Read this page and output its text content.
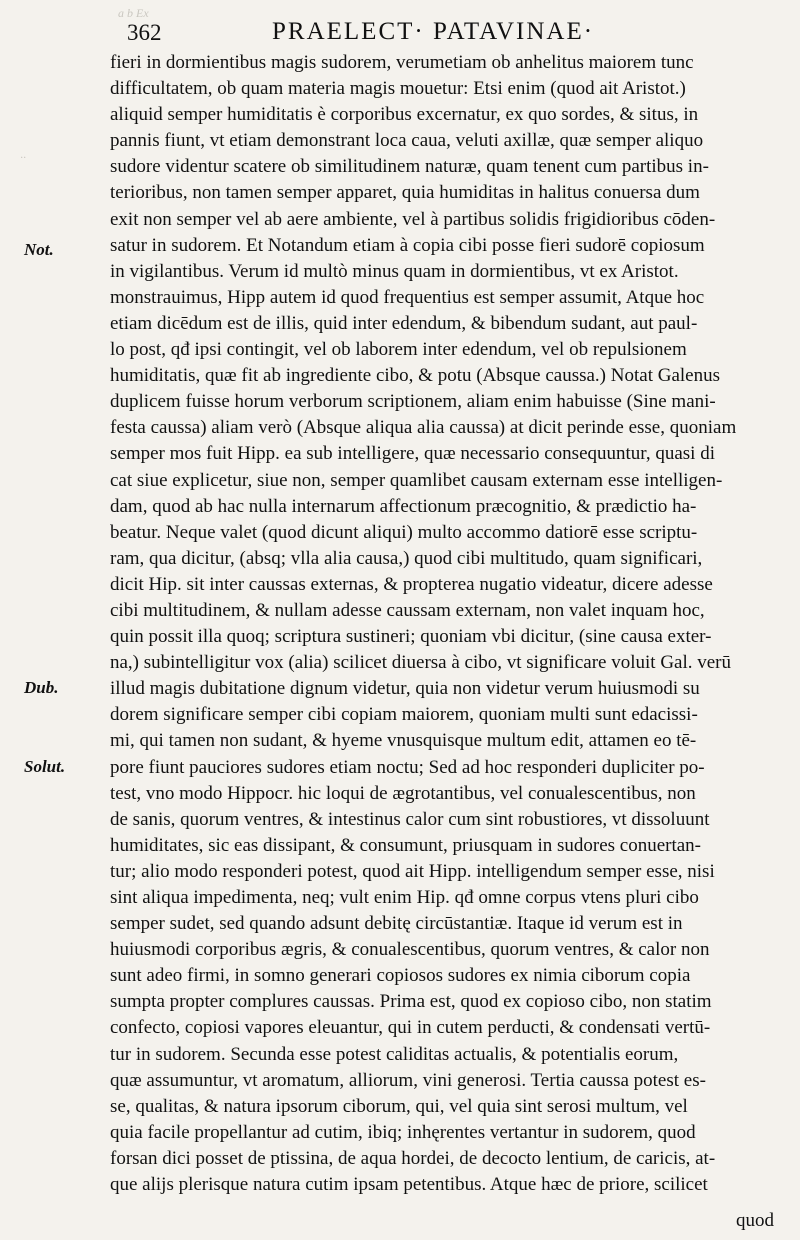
a b Ex
··
362	PRAELECT· PATAVINAE·
Not.
Dub.
Solut.
fieri in dormientibus magis sudorem, verumetiam ob anhelitus maiorem tunc
difficultatem, ob quam materia magis mouetur: Etsi enim (quod ait Aristot.)
aliquid semper humiditatis è corporibus excernatur, ex quo sordes, & situs, in
pannis fiunt, vt etiam demonstrant loca caua, veluti axillæ, quæ semper aliquo
sudore videntur scatere ob similitudinem naturæ, quam tenent cum partibus in-
terioribus, non tamen semper apparet, quia humiditas in halitus conuersa dum
exit non semper vel ab aere ambiente, vel à partibus solidis frigidioribus cōden-
satur in sudorem. Et Notandum etiam à copia cibi posse fieri sudorē copiosum
in vigilantibus. Verum id multò minus quam in dormientibus, vt ex Aristot.
monstrauimus, Hipp autem id quod frequentius est semper assumit, Atque hoc
etiam dicēdum est de illis, quid inter edendum, & bibendum sudant, aut paul-
lo post, qđ ipsi contingit, vel ob laborem inter edendum, vel ob repulsionem
humiditatis, quæ fit ab ingrediente cibo, & potu (Absque caussa.) Notat Galenus
duplicem fuisse horum verborum scriptionem, aliam enim habuisse (Sine mani-
festa caussa) aliam verò (Absque aliqua alia caussa) at dicit perinde esse, quoniam
semper mos fuit Hipp. ea sub intelligere, quæ necessario consequuntur, quasi di
cat siue explicetur, siue non, semper quamlibet causam externam esse intelligen-
dam, quod ab hac nulla internarum affectionum præcognitio, & prædictio ha-
beatur. Neque valet (quod dicunt aliqui) multo accommo datiorē esse scriptu-
ram, qua dicitur, (absq; vlla alia causa,) quod cibi multitudo, quam significari,
dicit Hip. sit inter caussas externas, & propterea nugatio videatur, dicere adesse
cibi multitudinem, & nullam adesse caussam externam, non valet inquam hoc,
quin possit illa quoq; scriptura sustineri; quoniam vbi dicitur, (sine causa exter-
na,) subintelligitur vox (alia) scilicet diuersa à cibo, vt significare voluit Gal. verū
illud magis dubitatione dignum videtur, quia non videtur verum huiusmodi su
dorem significare semper cibi copiam maiorem, quoniam multi sunt edacissi-
mi, qui tamen non sudant, & hyeme vnusquisque multum edit, attamen eo tē-
pore fiunt pauciores sudores etiam noctu; Sed ad hoc responderi dupliciter po-
test, vno modo Hippocr. hic loqui de ægrotantibus, vel conualescentibus, non
de sanis, quorum ventres, & intestinus calor cum sint robustiores, vt dissoluunt
humiditates, sic eas dissipant, & consumunt, priusquam in sudores conuertan-
tur; alio modo responderi potest, quod ait Hipp. intelligendum semper esse, nisi
sint aliqua impedimenta, neq; vult enim Hip. qđ omne corpus vtens pluri cibo
semper sudet, sed quando adsunt debitę circūstantiæ. Itaque id verum est in
huiusmodi corporibus ægris, & conualescentibus, quorum ventres, & calor non
sunt adeo firmi, in somno generari copiosos sudores ex nimia ciborum copia
sumpta propter complures caussas. Prima est, quod ex copioso cibo, non statim
confecto, copiosi vapores eleuantur, qui in cutem perducti, & condensati vertū-
tur in sudorem. Secunda esse potest caliditas actualis, & potentialis eorum,
quæ assumuntur, vt aromatum, alliorum, vini generosi. Tertia caussa potest es-
se, qualitas, & natura ipsorum ciborum, qui, vel quia sint serosi multum, vel
quia facile propellantur ad cutim, ibiq; inhęrentes vertantur in sudorem, quod
forsan dici posset de ptissina, de aqua hordei, de decocto lentium, de caricis, at-
que alijs plerisque natura cutim ipsam petentibus. Atque hæc de priore, scilicet
quod
